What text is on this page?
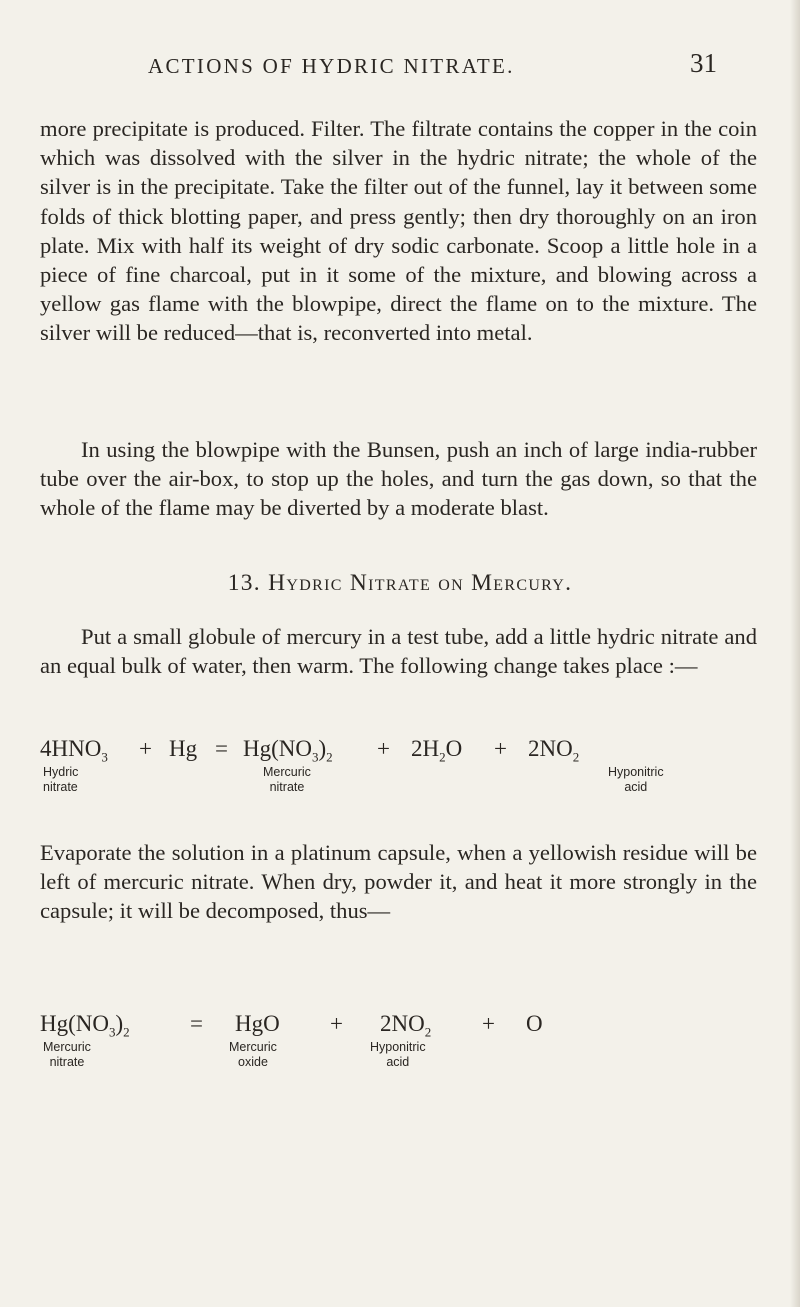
ACTIONS OF HYDRIC NITRATE.	31

more precipitate is produced. Filter. The filtrate contains the copper in the coin which was dissolved with the silver in the hydric nitrate; the whole of the silver is in the precipitate. Take the filter out of the funnel, lay it between some folds of thick blotting paper, and press gently; then dry thoroughly on an iron plate. Mix with half its weight of dry sodic carbonate. Scoop a little hole in a piece of fine charcoal, put in it some of the mixture, and blowing across a yellow gas flame with the blowpipe, direct the flame on to the mixture. The silver will be reduced—that is, reconverted into metal.

In using the blowpipe with the Bunsen, push an inch of large india-rubber tube over the air-box, to stop up the holes, and turn the gas down, so that the whole of the flame may be diverted by a moderate blast.

13. Hydric Nitrate on Mercury.

Put a small globule of mercury in a test tube, add a little hydric nitrate and an equal bulk of water, then warm. The following change takes place :—

$4HNO_3 + Hg = Hg(NO_3)_2 + 2H_2O + 2NO_2$
Hydric
nitrate
Mercuric
nitrate
Hyponitric
acid

Evaporate the solution in a platinum capsule, when a yellowish residue will be left of mercuric nitrate. When dry, powder it, and heat it more strongly in the capsule; it will be decomposed, thus—

$Hg(NO_3)_2$	= HgO + $2NO_2 + O$
Mercuric
nitrate
Mercuric
oxide
Hyponitric
acid
